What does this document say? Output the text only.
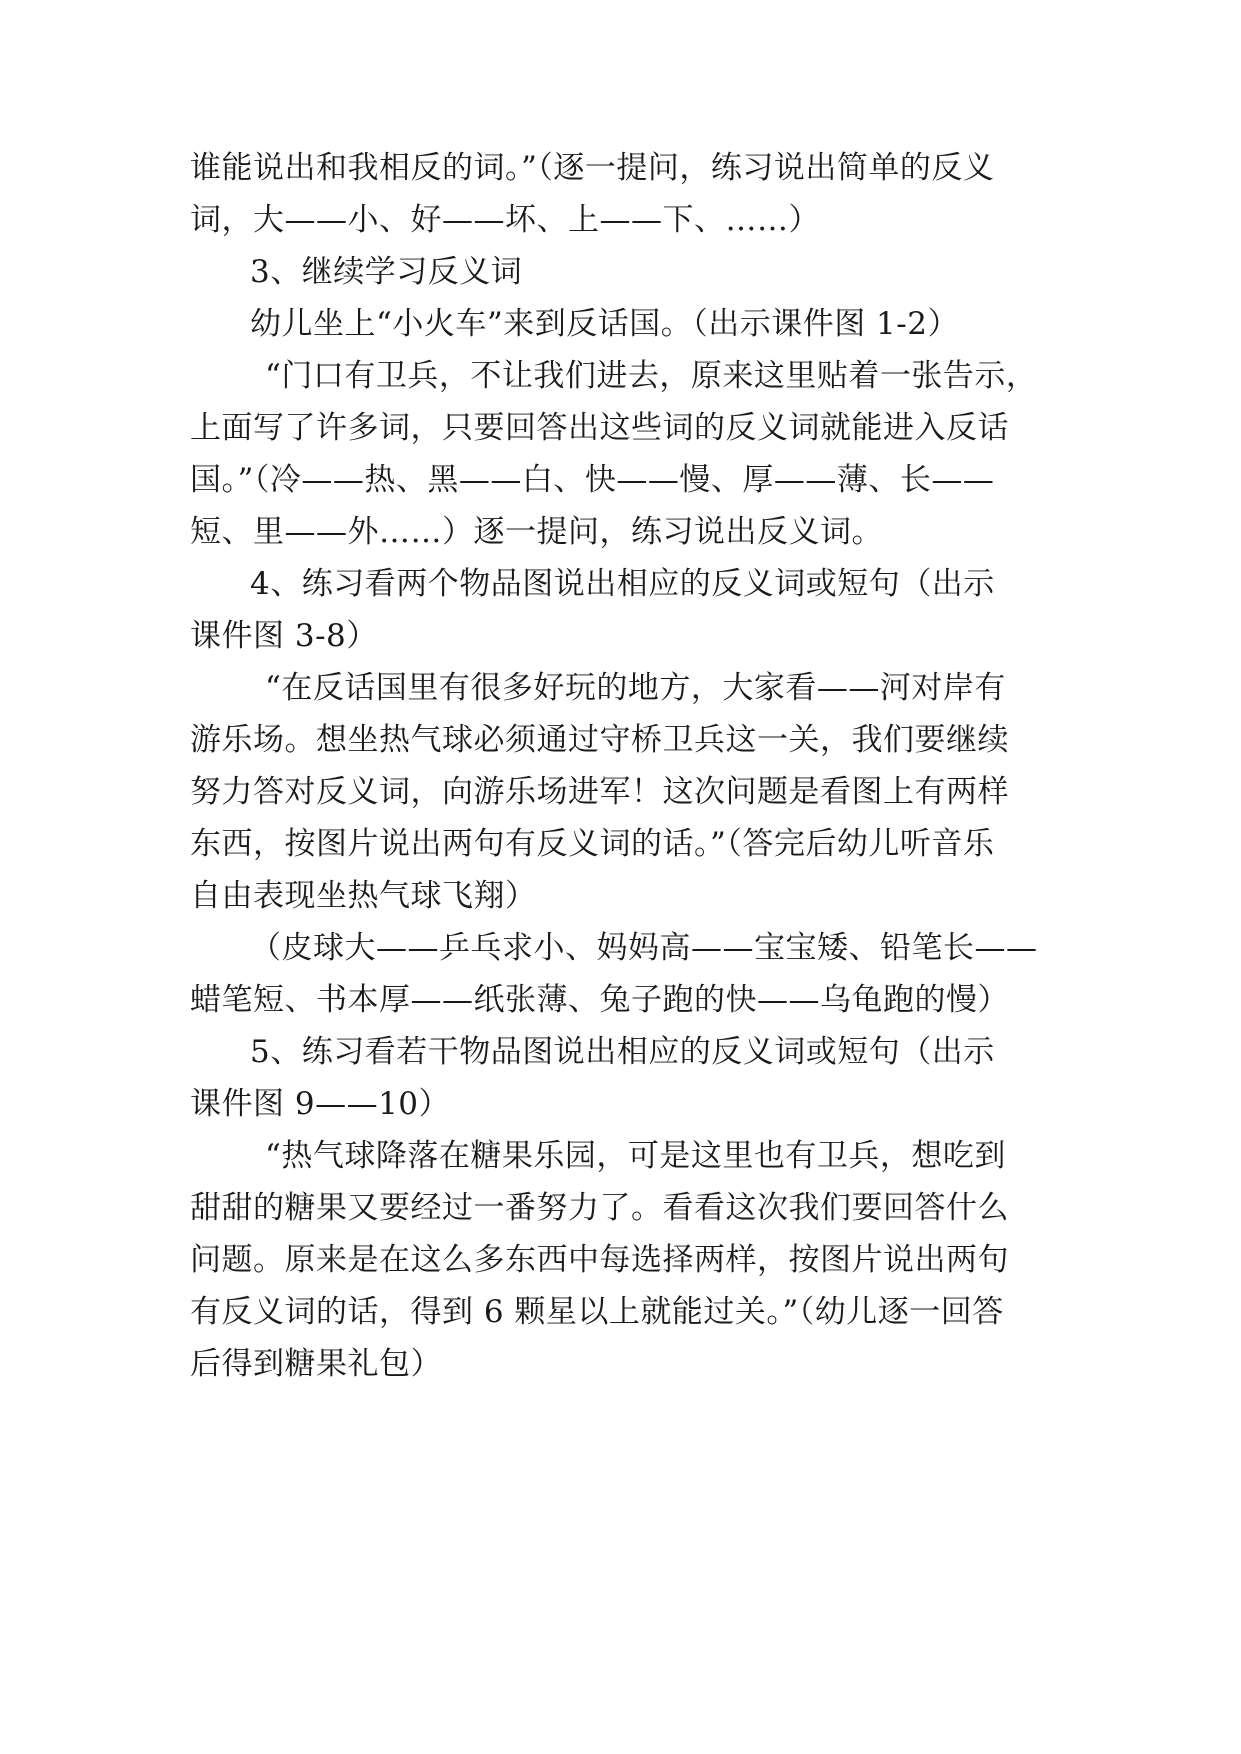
谁能说出和我相反的词。”（逐一提问，练习说出简单的反义
词，大——小、好——坏、上——下、……）
3、继续学习反义词
幼儿坐上“小火车”来到反话国。（出示课件图 1-2）
“门口有卫兵，不让我们进去，原来这里贴着一张告示，
上面写了许多词，只要回答出这些词的反义词就能进入反话
国。”（冷——热、黑——白、快——慢、厚——薄、长——
短、里——外……）逐一提问，练习说出反义词。
4、练习看两个物品图说出相应的反义词或短句（出示
课件图 3-8）
“在反话国里有很多好玩的地方，大家看——河对岸有
游乐场。想坐热气球必须通过守桥卫兵这一关，我们要继续
努力答对反义词，向游乐场进军！这次问题是看图上有两样
东西，按图片说出两句有反义词的话。”（答完后幼儿听音乐
自由表现坐热气球飞翔）
（皮球大——乒乓求小、妈妈高——宝宝矮、铅笔长——
蜡笔短、书本厚——纸张薄、兔子跑的快——乌龟跑的慢）
5、练习看若干物品图说出相应的反义词或短句（出示
课件图 9——10）
“热气球降落在糖果乐园，可是这里也有卫兵，想吃到
甜甜的糖果又要经过一番努力了。看看这次我们要回答什么
问题。原来是在这么多东西中每选择两样，按图片说出两句
有反义词的话，得到 6 颗星以上就能过关。”（幼儿逐一回答
后得到糖果礼包）
